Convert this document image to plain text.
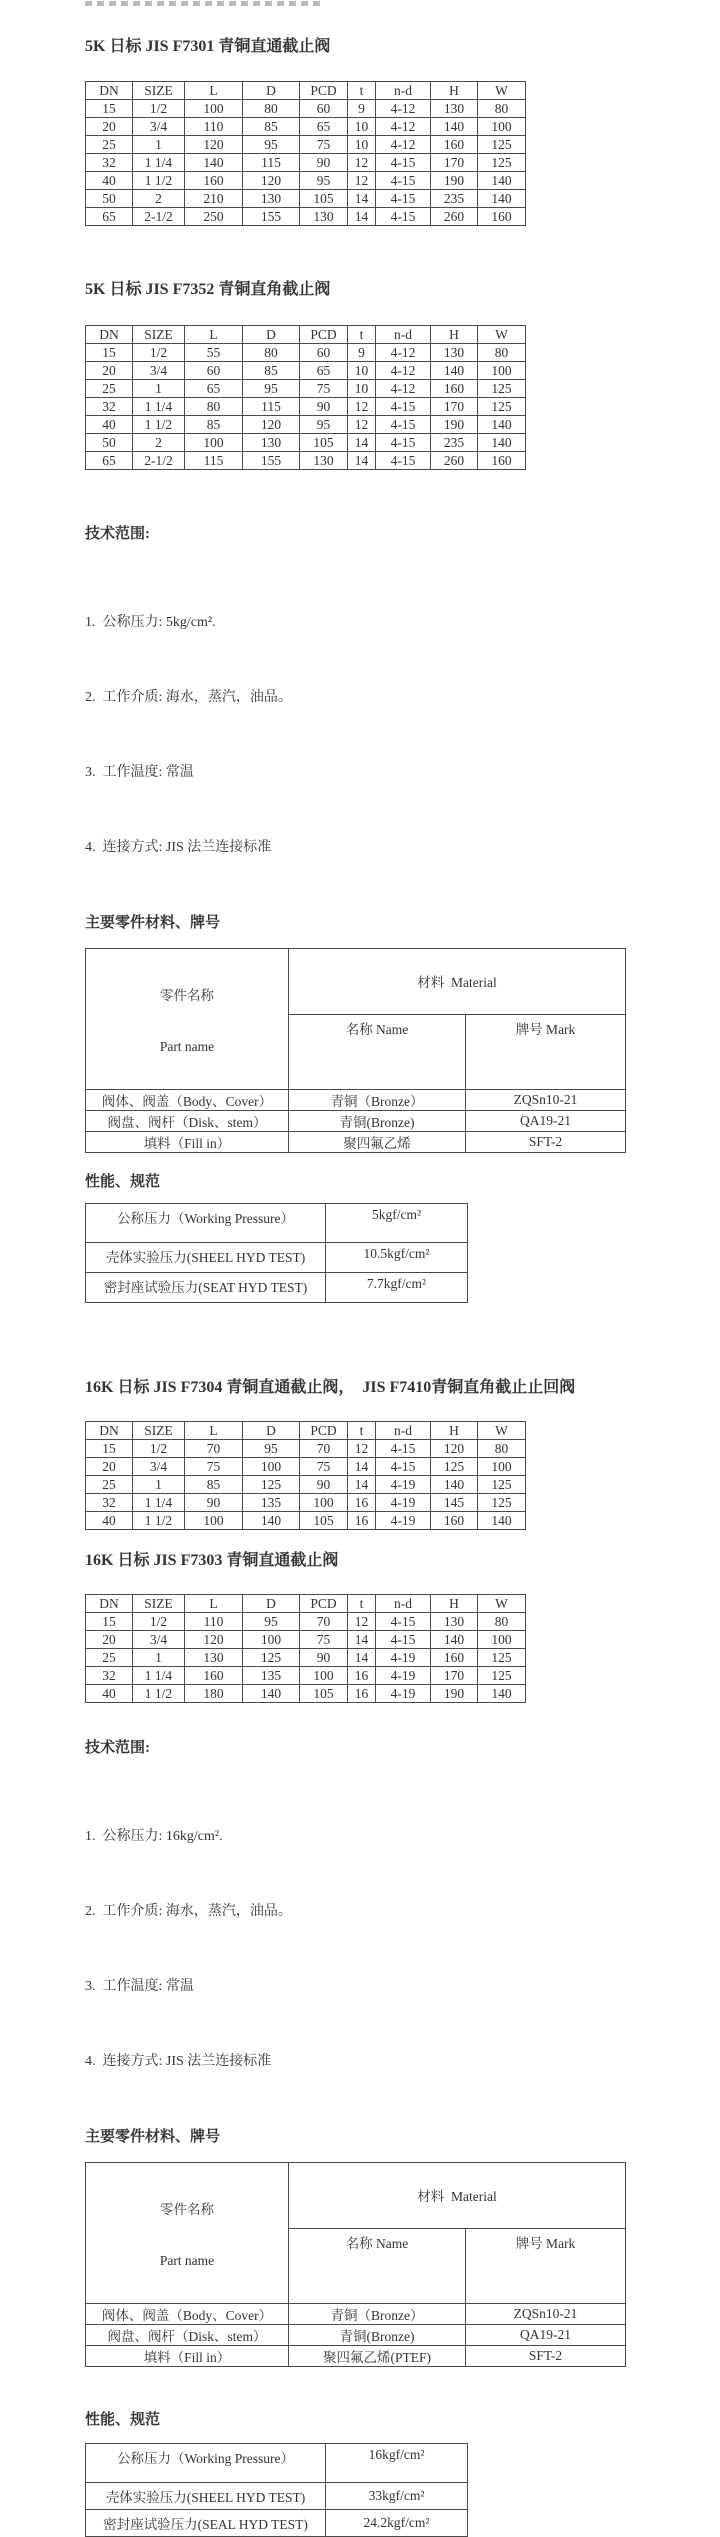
5K 日标 JIS F7301 青铜直通截止阀
DN	SIZE	L	D	PCD	t	n-d	H	W
15	1/2	100	80	60	9	4-12	130	80
20	3/4	110	85	65	10	4-12	140	100
25	1	120	95	75	10	4-12	160	125
32	1 1/4	140	115	90	12	4-15	170	125
40	1 1/2	160	120	95	12	4-15	190	140
50	2	210	130	105	14	4-15	235	140
65	2-1/2	250	155	130	14	4-15	260	160
5K 日标 JIS F7352 青铜直角截止阀
DN	SIZE	L	D	PCD	t	n-d	H	W
15	1/2	55	80	60	9	4-12	130	80
20	3/4	60	85	65	10	4-12	140	100
25	1	65	95	75	10	4-12	160	125
32	1 1/4	80	115	90	12	4-15	170	125
40	1 1/2	85	120	95	12	4-15	190	140
50	2	100	130	105	14	4-15	235	140
65	2-1/2	115	155	130	14	4-15	260	160
技术范围:

1.  公称压力: 5kg/cm².

2.  工作介质: 海水，蒸汽，油品。

3.  工作温度: 常温

4.  连接方式: JIS 法兰连接标准

主要零件材料、牌号

零件名称
Part name	材料  Material	
	名称 Name	牌号 Mark
阀体、阀盖（Body、Cover）	青铜（Bronze）	ZQSn10-21
阀盘、阀杆（Disk、stem）	青铜(Bronze)	QA19-21
填料（Fill in）	聚四氟乙烯	SFT-2
性能、规范
公称压力（Working Pressure）	5kgf/cm²
壳体实验压力(SHEEL HYD TEST)	10.5kgf/cm²
密封座试验压力(SEAT HYD TEST)	7.7kgf/cm²
16K 日标 JIS F7304 青铜直通截止阀，  JIS F7410青铜直角截止止回阀
DN	SIZE	L	D	PCD	t	n-d	H	W
15	1/2	70	95	70	12	4-15	120	80
20	3/4	75	100	75	14	4-15	125	100
25	1	85	125	90	14	4-19	140	125
32	1 1/4	90	135	100	16	4-19	145	125
40	1 1/2	100	140	105	16	4-19	160	140
16K 日标 JIS F7303 青铜直通截止阀
DN	SIZE	L	D	PCD	t	n-d	H	W
15	1/2	110	95	70	12	4-15	130	80
20	3/4	120	100	75	14	4-15	140	100
25	1	130	125	90	14	4-19	160	125
32	1 1/4	160	135	100	16	4-19	170	125
40	1 1/2	180	140	105	16	4-19	190	140
技术范围:

1.  公称压力: 16kg/cm².

2.  工作介质: 海水，蒸汽，油品。

3.  工作温度: 常温

4.  连接方式: JIS 法兰连接标准

主要零件材料、牌号

零件名称
Part name	材料  Material	
	名称 Name	牌号 Mark
阀体、阀盖（Body、Cover）	青铜（Bronze）	ZQSn10-21
阀盘、阀杆（Disk、stem）	青铜(Bronze)	QA19-21
填料（Fill in）	聚四氟乙烯(PTEF)	SFT-2
性能、规范
公称压力（Working Pressure）	16kgf/cm²
壳体实验压力(SHEEL HYD TEST)	33kgf/cm²
密封座试验压力(SEAL HYD TEST)	24.2kgf/cm²
